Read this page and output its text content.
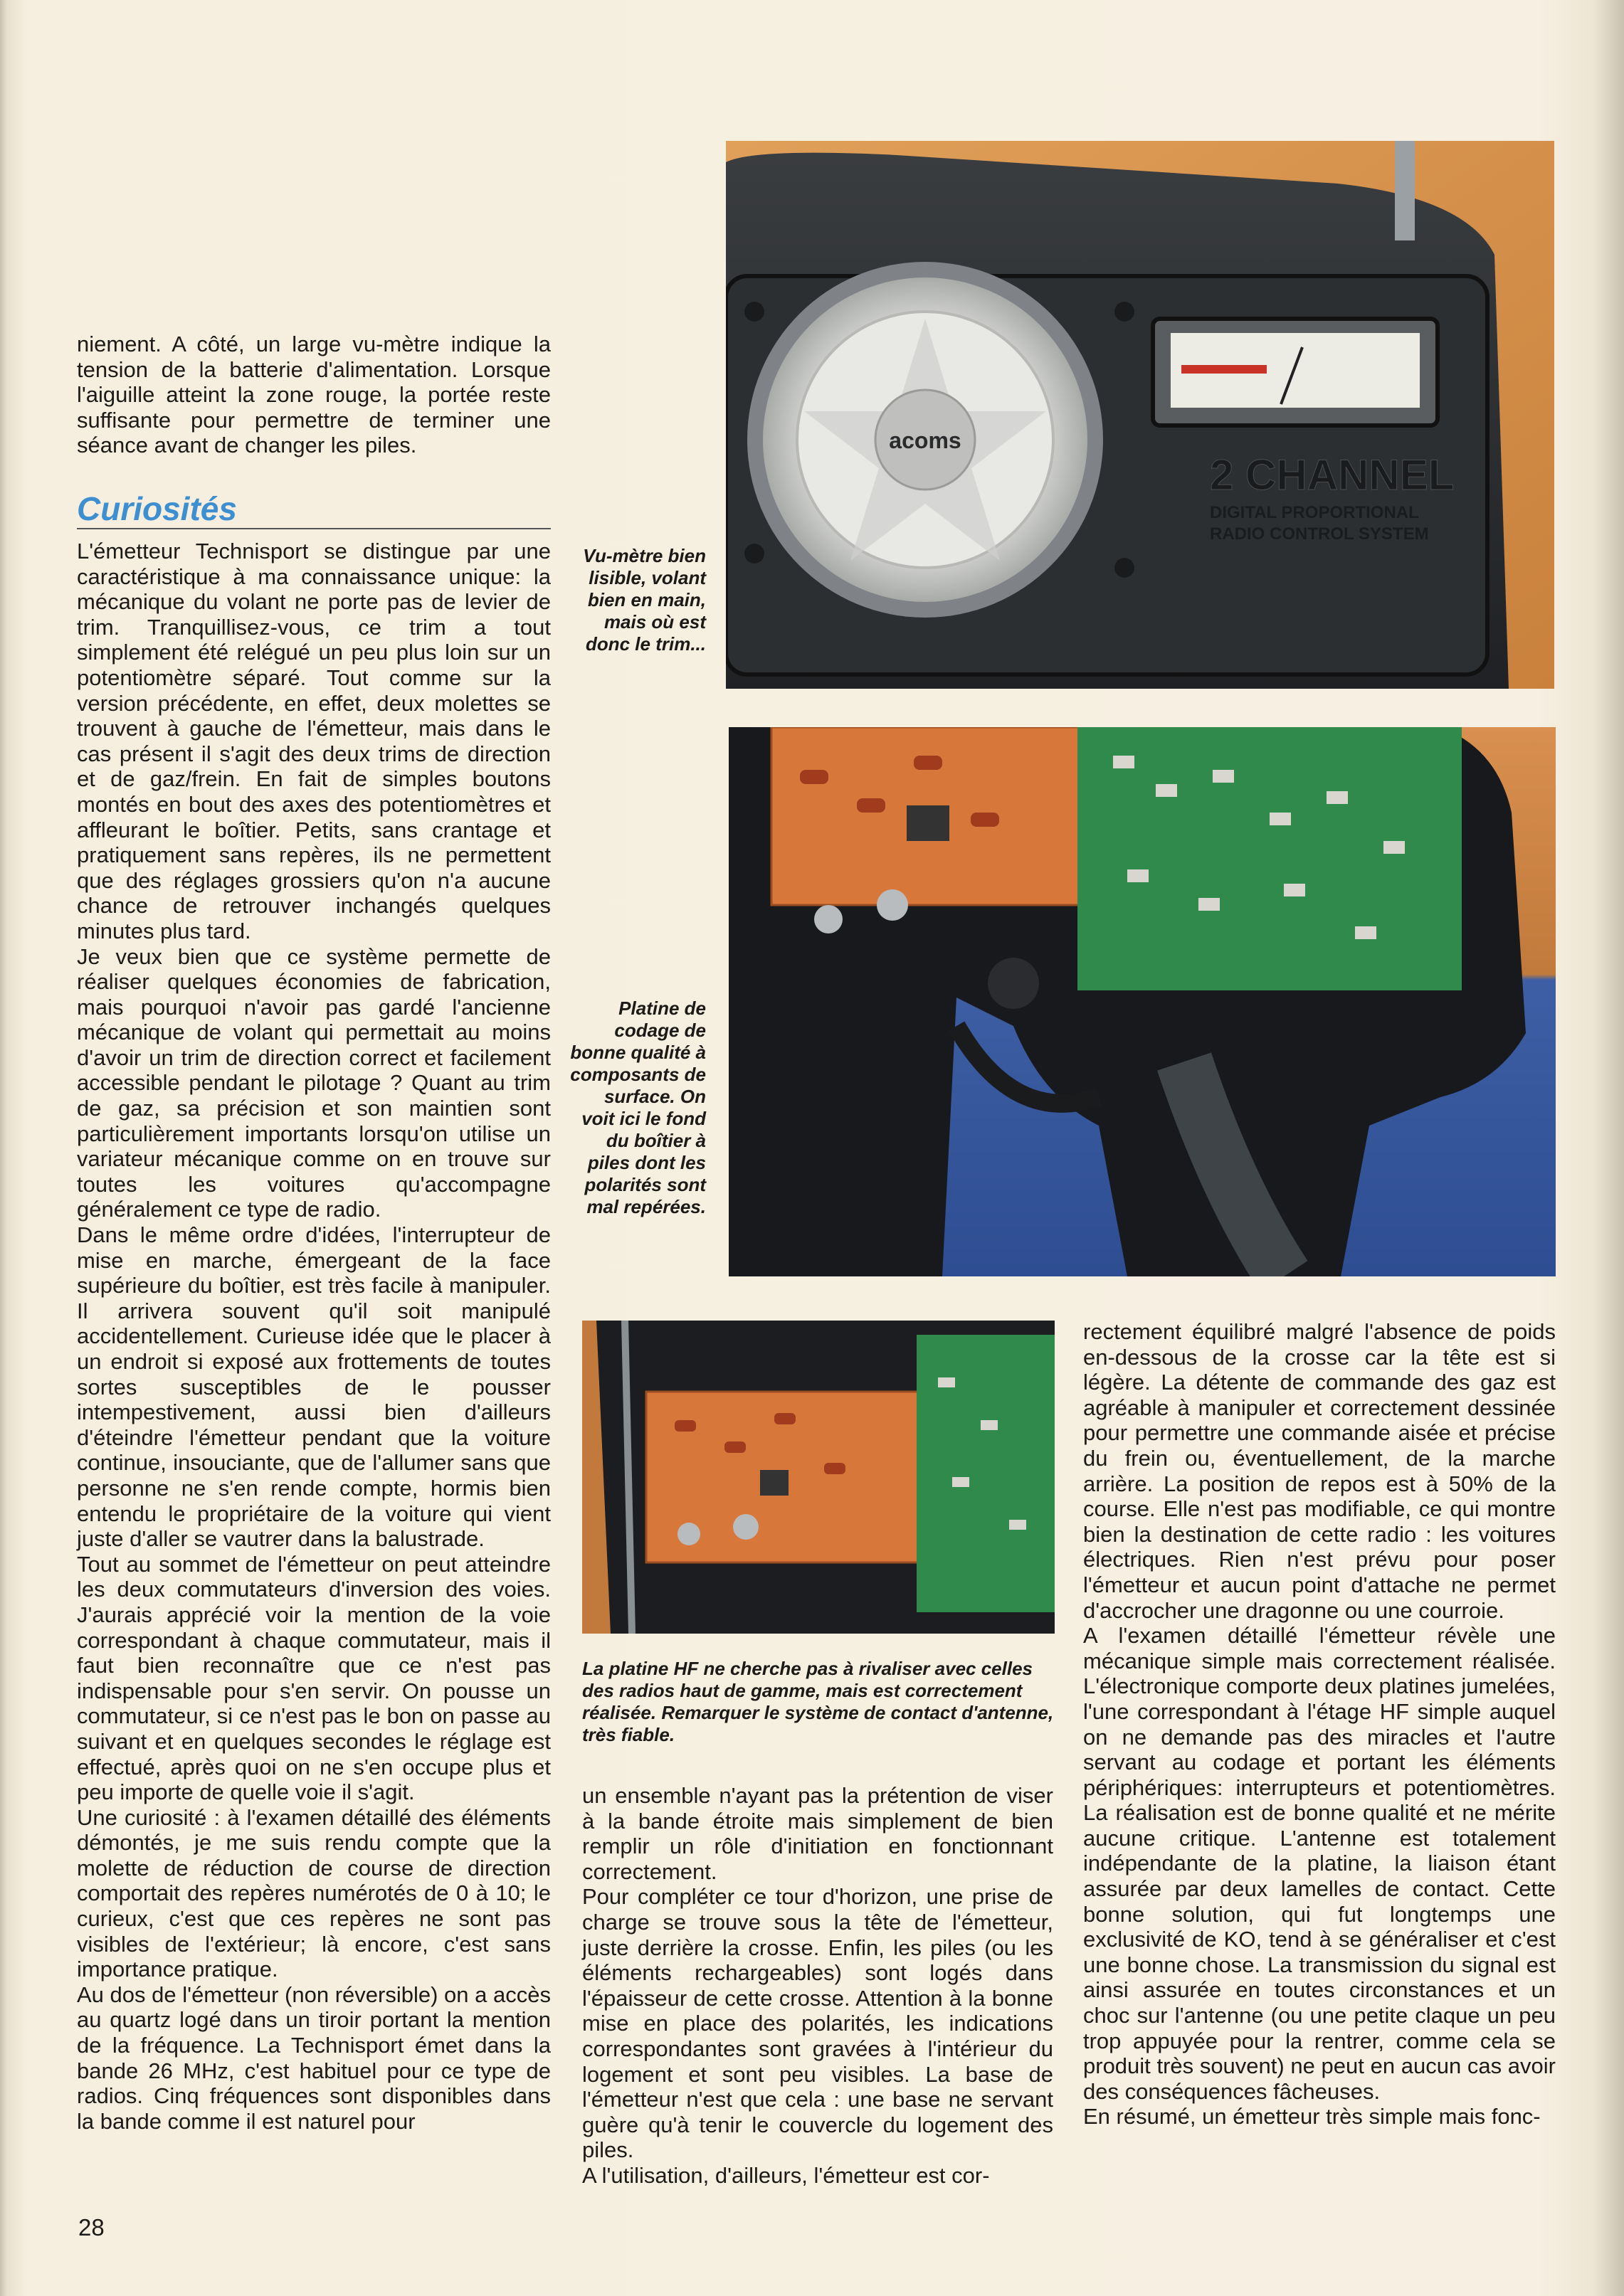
niement. A côté, un large vu-mètre indique la tension de la batterie d'alimentation. Lorsque l'aiguille atteint la zone rouge, la portée reste suffisante pour permettre de terminer une séance avant de changer les piles.

Curiosités

L'émetteur Technisport se distingue par une caractéristique à ma connaissance unique: la mécanique du volant ne porte pas de levier de trim. Tranquillisez-vous, ce trim a tout simplement été relégué un peu plus loin sur un potentiomètre séparé. Tout comme sur la version précédente, en effet, deux molettes se trouvent à gauche de l'émetteur, mais dans le cas présent il s'agit des deux trims de direction et de gaz/frein. En fait de simples boutons montés en bout des axes des potentiomètres et affleurant le boîtier. Petits, sans crantage et pratiquement sans repères, ils ne permettent que des réglages grossiers qu'on n'a aucune chance de retrouver inchangés quelques minutes plus tard.

Je veux bien que ce système permette de réaliser quelques économies de fabrication, mais pourquoi n'avoir pas gardé l'ancienne mécanique de volant qui permettait au moins d'avoir un trim de direction correct et facilement accessible pendant le pilotage ? Quant au trim de gaz, sa précision et son maintien sont particulièrement importants lorsqu'on utilise un variateur mécanique comme on en trouve sur toutes les voitures qu'accompagne généralement ce type de radio.

Dans le même ordre d'idées, l'interrupteur de mise en marche, émergeant de la face supérieure du boîtier, est très facile à manipuler. Il arrivera souvent qu'il soit manipulé accidentellement. Curieuse idée que le placer à un endroit si exposé aux frottements de toutes sortes susceptibles de le pousser intempestivement, aussi bien d'ailleurs d'éteindre l'émetteur pendant que la voiture continue, insouciante, que de l'allumer sans que personne ne s'en rende compte, hormis bien entendu le propriétaire de la voiture qui vient juste d'aller se vautrer dans la balustrade.

Tout au sommet de l'émetteur on peut atteindre les deux commutateurs d'inversion des voies. J'aurais apprécié voir la mention de la voie correspondant à chaque commutateur, mais il faut bien reconnaître que ce n'est pas indispensable pour s'en servir. On pousse un commutateur, si ce n'est pas le bon on passe au suivant et en quelques secondes le réglage est effectué, après quoi on ne s'en occupe plus et peu importe de quelle voie il s'agit.

Une curiosité : à l'examen détaillé des éléments démontés, je me suis rendu compte que la molette de réduction de course de direction comportait des repères numérotés de 0 à 10; le curieux, c'est que ces repères ne sont pas visibles de l'extérieur; là encore, c'est sans importance pratique.

Au dos de l'émetteur (non réversible) on a accès au quartz logé dans un tiroir portant la mention de la fréquence. La Technisport émet dans la bande 26 MHz, c'est habituel pour ce type de radios. Cinq fréquences sont disponibles dans la bande comme il est naturel pour

Vu-mètre bien lisible, volant bien en main, mais où est donc le trim...

Platine de codage de bonne qualité à composants de surface. On voit ici le fond du boîtier à piles dont les polarités sont mal repérées.

La platine HF ne cherche pas à rivaliser avec celles des radios haut de gamme, mais est correctement réalisée. Remarquer le système de contact d'antenne, très fiable.

acoms
2 CHANNEL
DIGITAL PROPORTIONAL
RADIO CONTROL SYSTEM

un ensemble n'ayant pas la prétention de viser à la bande étroite mais simplement de bien remplir un rôle d'initiation en fonctionnant correctement.

Pour compléter ce tour d'horizon, une prise de charge se trouve sous la tête de l'émetteur, juste derrière la crosse. Enfin, les piles (ou les éléments rechargeables) sont logés dans l'épaisseur de cette crosse. Attention à la bonne mise en place des polarités, les indications correspondantes sont gravées à l'intérieur du logement et sont peu visibles. La base de l'émetteur n'est que cela : une base ne servant guère qu'à tenir le couvercle du logement des piles.

A l'utilisation, d'ailleurs, l'émetteur est cor-

rectement équilibré malgré l'absence de poids en-dessous de la crosse car la tête est si légère. La détente de commande des gaz est agréable à manipuler et correctement dessinée pour permettre une commande aisée et précise du frein ou, éventuellement, de la marche arrière. La position de repos est à 50% de la course. Elle n'est pas modifiable, ce qui montre bien la destination de cette radio : les voitures électriques. Rien n'est prévu pour poser l'émetteur et aucun point d'attache ne permet d'accrocher une dragonne ou une courroie.

A l'examen détaillé l'émetteur révèle une mécanique simple mais correctement réalisée. L'électronique comporte deux platines jumelées, l'une correspondant à l'étage HF simple auquel on ne demande pas des miracles et l'autre servant au codage et portant les éléments périphériques: interrupteurs et potentiomètres. La réalisation est de bonne qualité et ne mérite aucune critique. L'antenne est totalement indépendante de la platine, la liaison étant assurée par deux lamelles de contact. Cette bonne solution, qui fut longtemps une exclusivité de KO, tend à se généraliser et c'est une bonne chose. La transmission du signal est ainsi assurée en toutes circonstances et un choc sur l'antenne (ou une petite claque un peu trop appuyée pour la rentrer, comme cela se produit très souvent) ne peut en aucun cas avoir des conséquences fâcheuses.

En résumé, un émetteur très simple mais fonc-

28
